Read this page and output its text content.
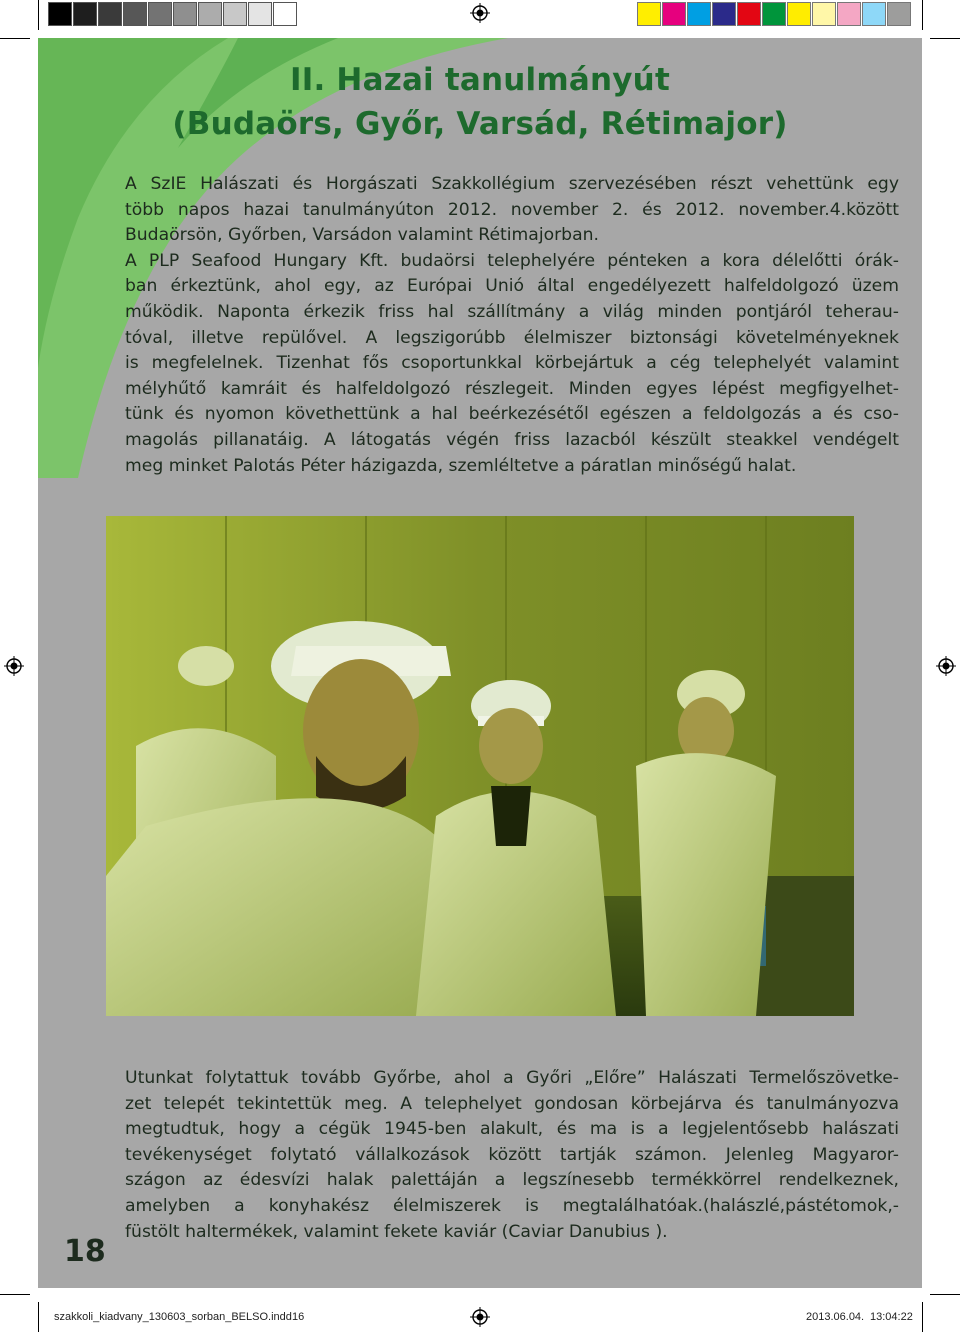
II. Hazai tanulmányút
(Budaörs, Győr, Varsád, Rétimajor)
A SzIE Halászati és Horgászati Szakkollégium szervezésében részt vehettünk egy
több napos hazai tanulmányúton 2012. november 2. és 2012. november.4.között
Budaörsön, Győrben, Varsádon valamint Rétimajorban.
A PLP Seafood Hungary Kft. budaörsi telephelyére pénteken a kora délelőtti órák-
ban érkeztünk, ahol egy, az Európai Unió által engedélyezett halfeldolgozó üzem
működik. Naponta érkezik friss hal szállítmány a világ minden pontjáról teherau-
tóval, illetve repülővel. A legszigorúbb élelmiszer biztonsági követelményeknek
is megfelelnek. Tizenhat fős csoportunkkal körbejártuk a cég telephelyét valamint
mélyhűtő kamráit és halfeldolgozó részlegeit. Minden egyes lépést megfigyelhet-
tünk és nyomon követhettünk a hal beérkezésétől egészen a feldolgozás a és cso-
magolás pillanatáig. A látogatás végén friss lazacból készült steakkel vendégelt
meg minket Palotás Péter házigazda, szemléltetve a páratlan minőségű halat.
Utunkat folytattuk tovább Győrbe, ahol a Győri „Előre” Halászati Termelőszövetke-
zet telepét tekintettük meg. A telephelyet gondosan körbejárva és tanulmányozva
megtudtuk, hogy a cégük 1945-ben alakult, és ma is a legjelentősebb halászati
tevékenységet folytató vállalkozások között tartják számon. Jelenleg Magyaror-
szágon az édesvízi halak palettáján a legszínesebb termékkörrel rendelkeznek,
amelyben a konyhakész élelmiszerek is megtalálhatóak.(halászlé,pástétomok,-
füstölt haltermékek, valamint fekete kaviár (Caviar Danubius ).
18
szakkoli_kiadvany_130603_sorban_BELSO.indd 16	2013.06.04. 13:04:22
